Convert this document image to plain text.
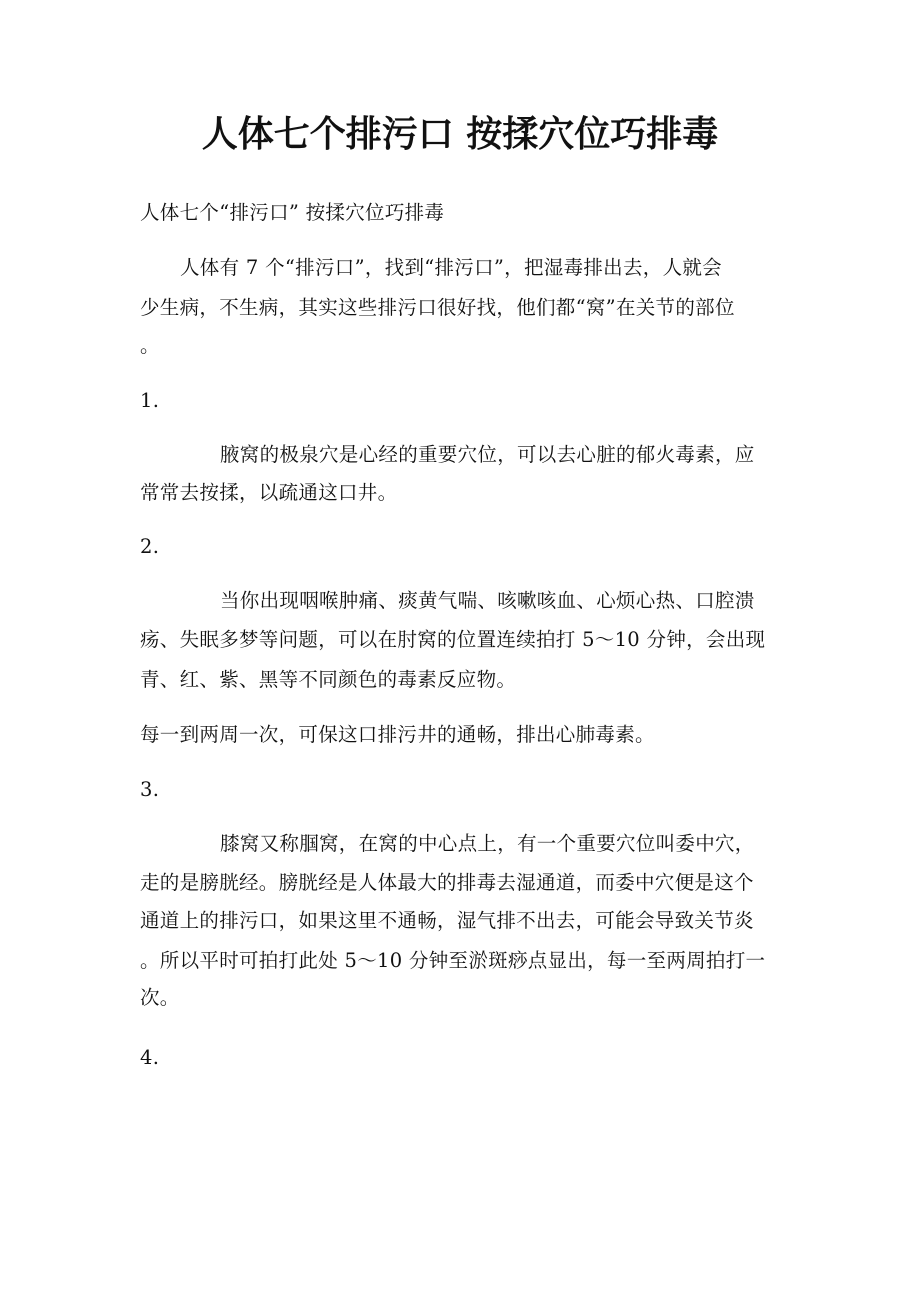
人体七个排污口 按揉穴位巧排毒
人体七个“排污口” 按揉穴位巧排毒
人体有 7 个“排污口”，找到“排污口”，把湿毒排出去，人就会
少生病，不生病，其实这些排污口很好找，他们都“窝”在关节的部位
。
1.
腋窝的极泉穴是心经的重要穴位，可以去心脏的郁火毒素，应
常常去按揉，以疏通这口井。
2.
当你出现咽喉肿痛、痰黄气喘、咳嗽咳血、心烦心热、口腔溃
疡、失眠多梦等问题，可以在肘窝的位置连续拍打 5～10 分钟，会出现
青、红、紫、黑等不同颜色的毒素反应物。
每一到两周一次，可保这口排污井的通畅，排出心肺毒素。
3.
膝窝又称腘窝，在窝的中心点上，有一个重要穴位叫委中穴，
走的是膀胱经。膀胱经是人体最大的排毒去湿通道，而委中穴便是这个
通道上的排污口，如果这里不通畅，湿气排不出去，可能会导致关节炎
。所以平时可拍打此处 5～10 分钟至淤斑痧点显出，每一至两周拍打一
次。
4.
